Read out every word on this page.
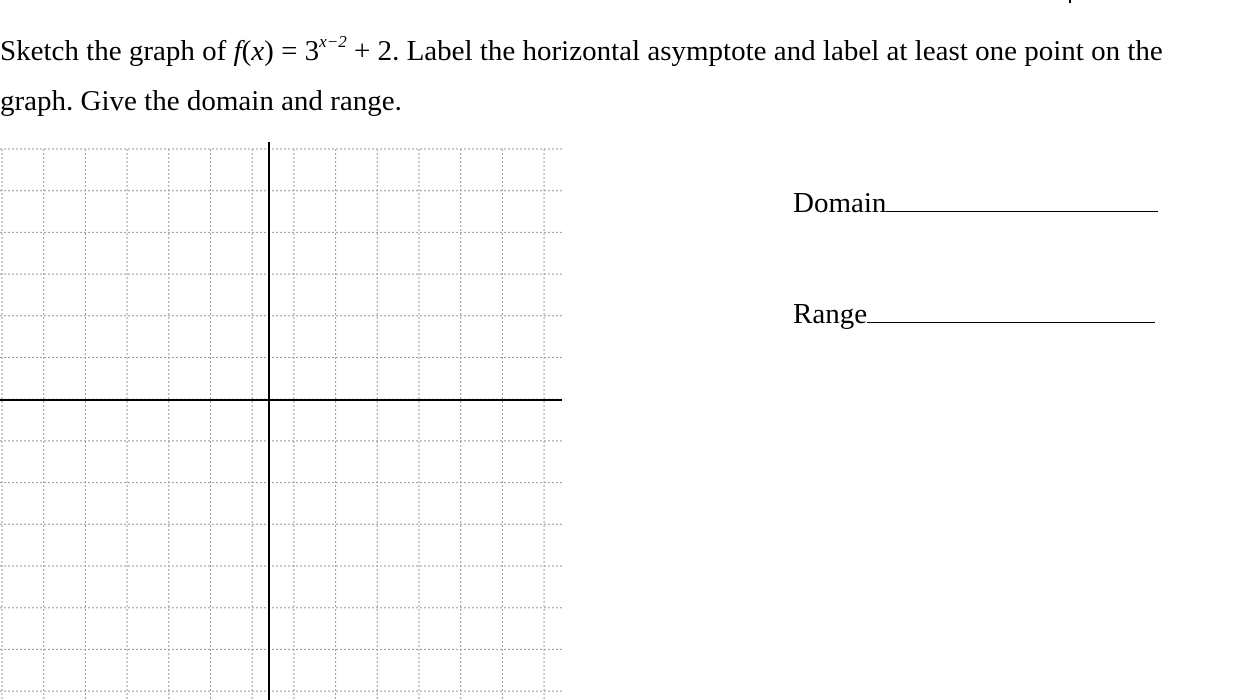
Sketch the graph of $f(x) = 3^{x-2} + 2$. Label the horizontal asymptote and label at least one point on the graph. Give the domain and range.

Domain
Range
